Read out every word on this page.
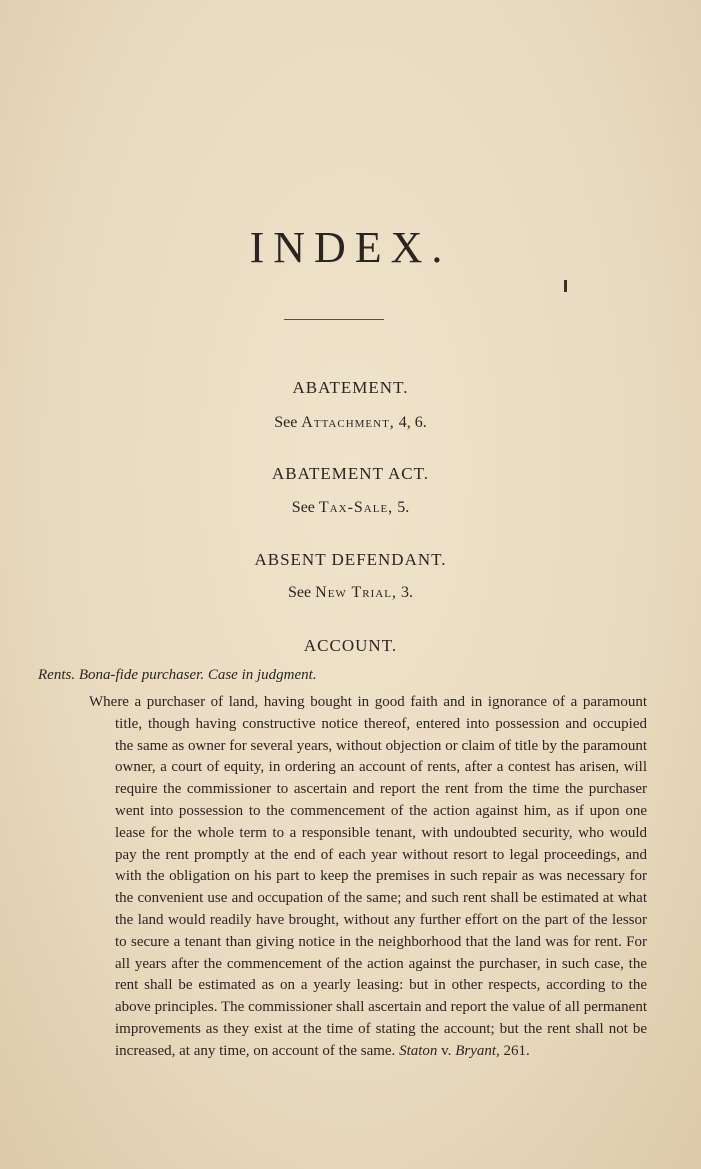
INDEX.
ABATEMENT.
See Attachment, 4, 6.
ABATEMENT ACT.
See Tax-Sale, 5.
ABSENT DEFENDANT.
See New Trial, 3.
ACCOUNT.
Rents. Bona-fide purchaser. Case in judgment.
Where a purchaser of land, having bought in good faith and in ignorance of a paramount title, though having constructive notice thereof, entered into possession and occupied the same as owner for several years, without objection or claim of title by the paramount owner, a court of equity, in ordering an account of rents, after a contest has arisen, will require the commissioner to ascertain and report the rent from the time the purchaser went into possession to the commencement of the action against him, as if upon one lease for the whole term to a responsible tenant, with undoubted security, who would pay the rent promptly at the end of each year without resort to legal proceedings, and with the obligation on his part to keep the premises in such repair as was necessary for the convenient use and occupation of the same; and such rent shall be estimated at what the land would readily have brought, without any further effort on the part of the lessor to secure a tenant than giving notice in the neighborhood that the land was for rent. For all years after the commencement of the action against the purchaser, in such case, the rent shall be estimated as on a yearly leasing: but in other respects, according to the above principles. The commissioner shall ascertain and report the value of all permanent improvements as they exist at the time of stating the account; but the rent shall not be increased, at any time, on account of the same. Staton v. Bryant, 261.
